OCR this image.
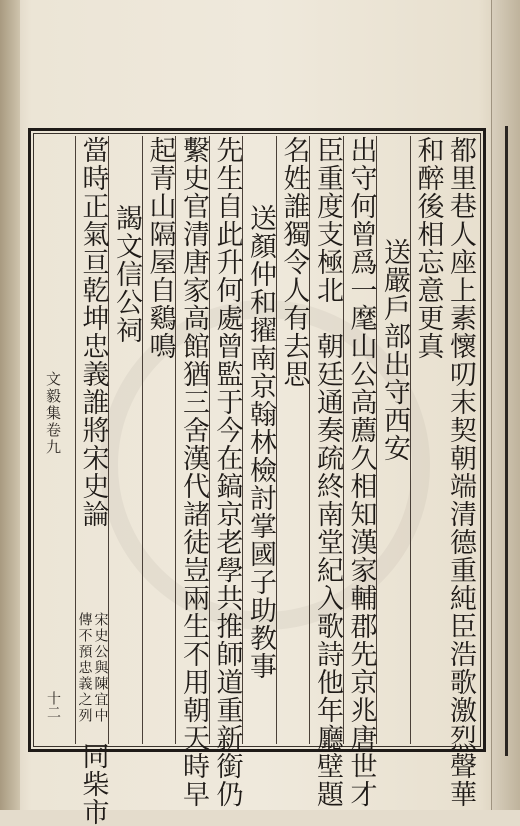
文毅集卷九
十二	都里巷人座上素懷叨末契朝端清德重純臣浩歌激烈聲華
和醉後相忘意更真
送嚴戶部出守西安
出守何曾爲一麾山公高薦久相知漢家輔郡先京兆唐世才
臣重度支極北　朝廷通奏疏終南堂紀入歌詩他年廳壁題
名姓誰獨令人有去思
送顏仲和擢南京翰林檢討掌國子助教事
先生自此升何處曾監于今在鎬京老學共推師道重新銜仍
繫史官清唐家高館猶三舍漢代諸徒豈兩生不用朝天時早
起青山隔屋自鷄鳴
謁文信公祠
當時正氣亘乾坤忠義誰將宋史論
宋史公與陳宜中
傳不預忠義之列
同柴市
